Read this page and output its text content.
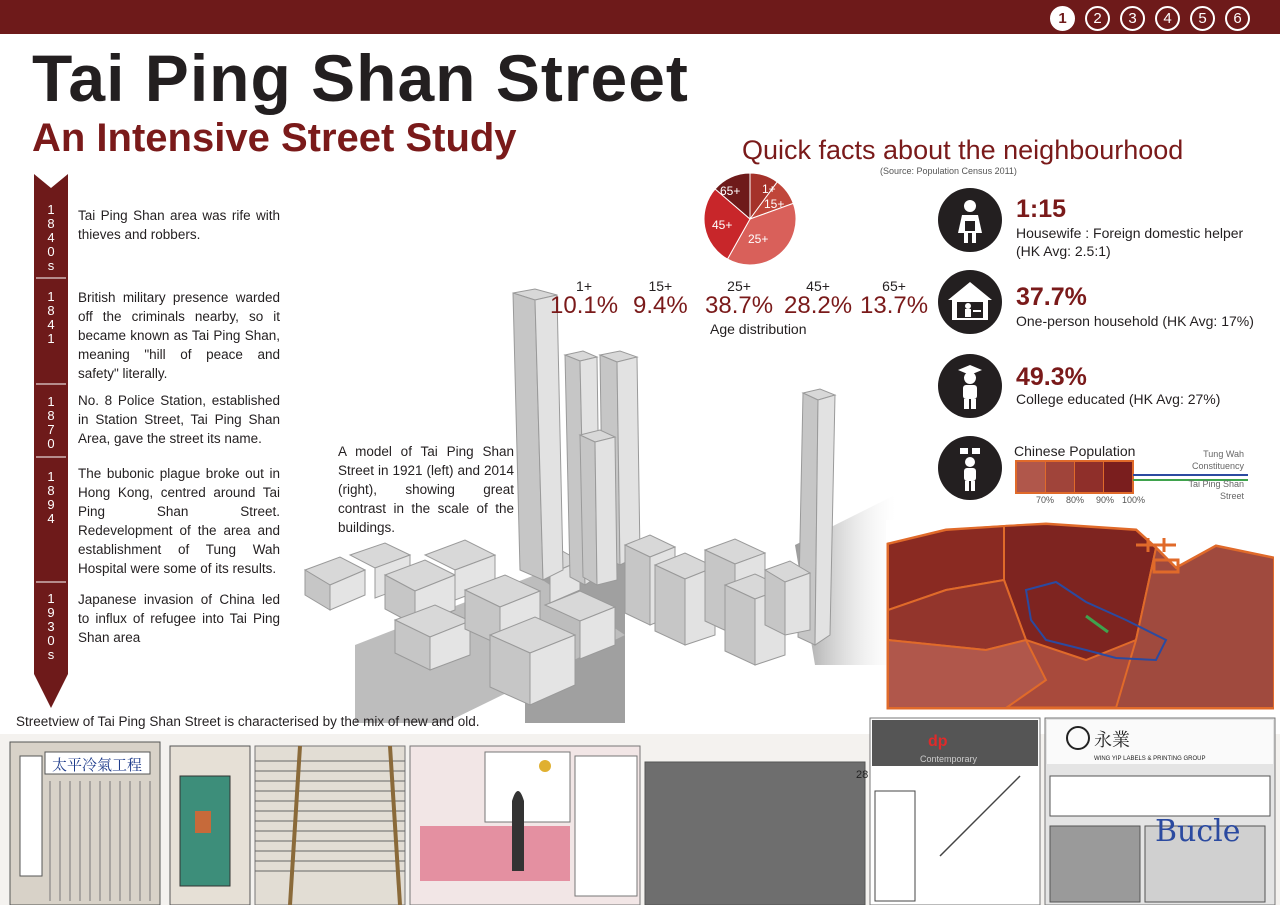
1	2	3	4	5	6
Tai Ping Shan Street
An Intensive Street Study
1
8
4
0
s
Tai Ping Shan area was rife with thieves and robbers.
1
8
4
1
British military presence warded off the criminals nearby, so it became known as Tai Ping Shan, meaning "hill of peace and safety" literally.
1
8
7
0
No. 8 Police Station, established in Station Street, Tai Ping Shan Area, gave the street its name.
1
8
9
4
The bubonic plague broke out in Hong Kong, centred around Tai Ping Shan Street. Redevelopment of the area and establishment of Tung Wah Hospital were some of its results.
1
9
3
0
s
Japanese invasion of China led to influx of refugee into Tai Ping Shan area
A model of Tai Ping Shan Street in 1921 (left) and 2014 (right), showing great contrast in the scale of the buildings.
Quick facts about the neighbourhood
(Source: Population Census 2011)
1+
15+
25+
45+
65+
1+
10.1%
15+
9.4%
25+
38.7%
45+
28.2%
65+
13.7%
Age distribution
1:15
Housewife : Foreign domestic helper
(HK Avg: 2.5:1)
37.7%
One-person household (HK Avg: 17%)
49.3%
College educated (HK Avg: 27%)
Chinese Population
70% 80% 90% 100%
Tung Wah Constituency
Tai Ping Shan Street
Streetview of Tai Ping Shan Street is characterised by the mix of new and old.
太平冷氣工程
dp
Contemporary
28
永業
WING YIP LABELS & PRINTING GROUP
Bucle
